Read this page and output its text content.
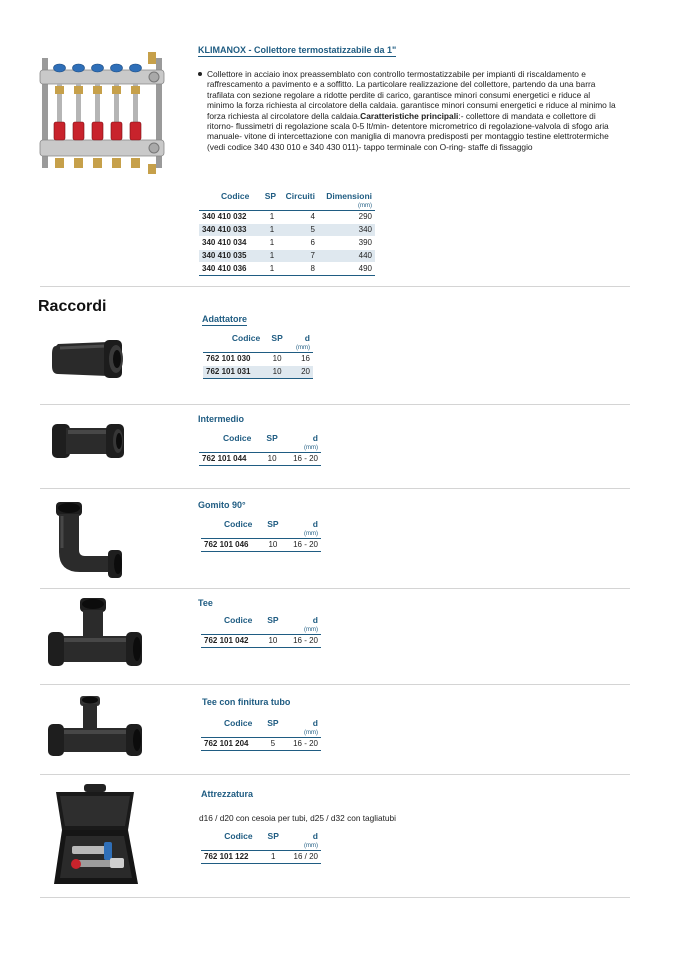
KLIMANOX - Collettore termostatizzabile da 1"

Collettore in acciaio inox preassemblato con controllo termostatizzabile per impianti di riscaldamento e raffrescamento a pavimento e a soffitto. La particolare realizzazione del collettore, partendo da una barra trafilata con sezione regolare a ridotte perdite di carico, garantisce minori consumi energetici e riduce al minimo la forza richiesta al circolatore della caldaia. garantisce minori consumi energetici e riduce al minimo la forza richiesta al circolatore della caldaia.Caratteristiche principali:- collettore di mandata e collettore di ritorno- flussimetri di regolazione scala 0-5 lt/min- detentore micrometrico di regolazione-valvola di sfogo aria manuale- vitone di intercettazione con maniglia di manovra predisposti per montaggio testine elettrotermiche (vedi codice 340 430 010 e 340 430 011)- tappo terminale con O-ring- staffe di fissaggio

Codice	SP	Circuiti	Dimensioni
			(mm)
340 410 032	1	4	290
340 410 033	1	5	340
340 410 034	1	6	390
340 410 035	1	7	440
340 410 036	1	8	490
Raccordi
Adattatore
Codice	SP	d
		(mm)
762 101 030	10	16
762 101 031	10	20
Intermedio
Codice	SP	d
		(mm)
762 101 044	10	16 - 20
Gomito 90°
Codice	SP	d
		(mm)
762 101 046	10	16 - 20
Tee
Codice	SP	d
		(mm)
762 101 042	10	16 - 20
Tee con finitura tubo
Codice	SP	d
		(mm)
762 101 204	5	16 - 20
Attrezzatura
d16 / d20 con cesoia per tubi, d25 / d32 con tagliatubi
Codice	SP	d
		(mm)
762 101 122	1	16 / 20
